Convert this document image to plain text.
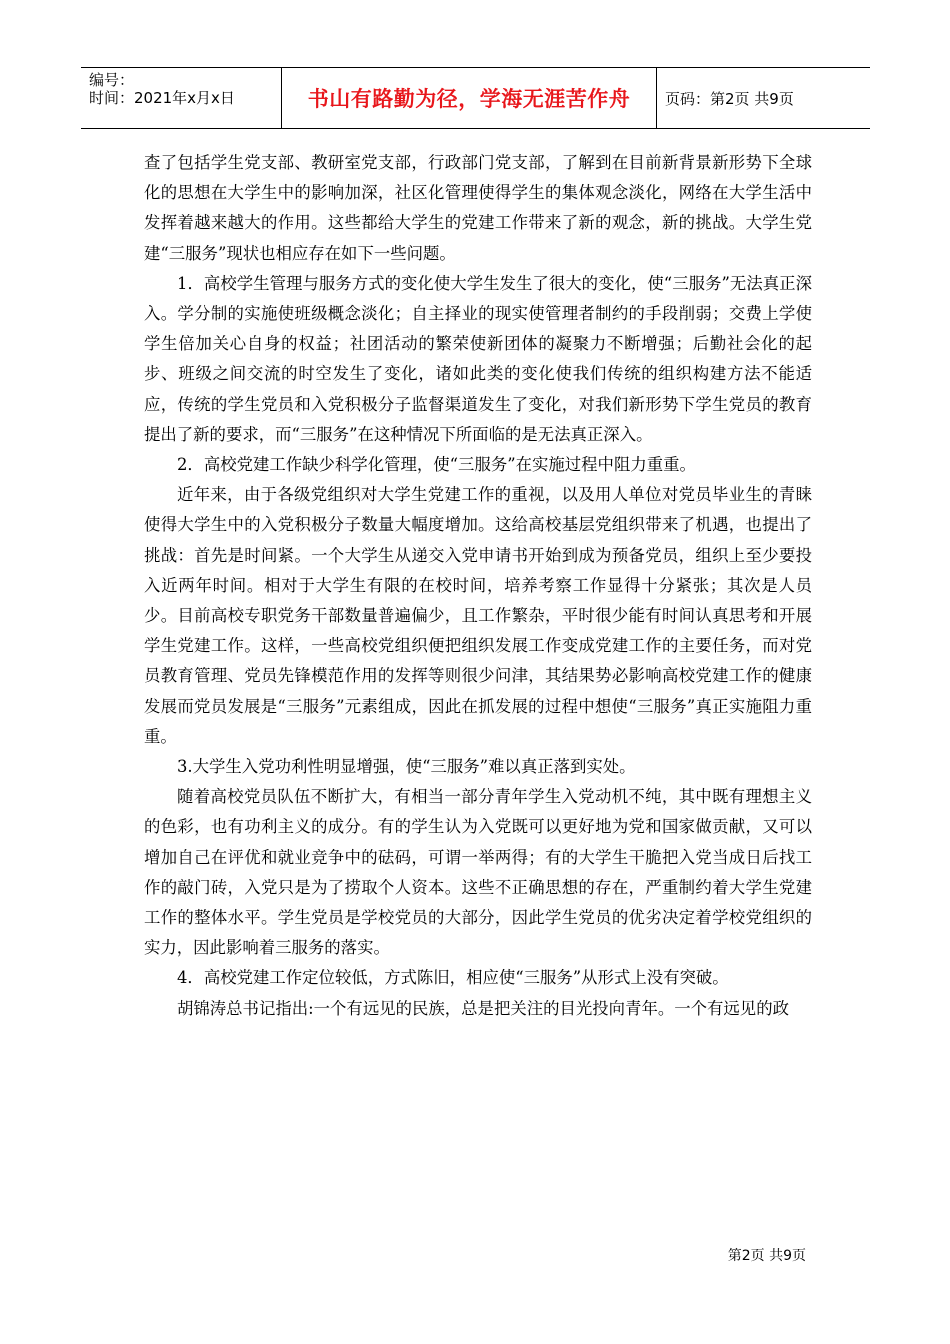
编号：
时间：2021年x月x日	书山有路勤为径，学海无涯苦作舟	页码：第2页 共9页

查了包括学生党支部、教研室党支部，行政部门党支部，了解到在目前新背景新形势下全球化的思想在大学生中的影响加深，社区化管理使得学生的集体观念淡化，网络在大学生活中发挥着越来越大的作用。这些都给大学生的党建工作带来了新的观念，新的挑战。大学生党建“三服务”现状也相应存在如下一些问题。

1．高校学生管理与服务方式的变化使大学生发生了很大的变化，使“三服务”无法真正深入。学分制的实施使班级概念淡化；自主择业的现实使管理者制约的手段削弱；交费上学使学生倍加关心自身的权益；社团活动的繁荣使新团体的凝聚力不断增强；后勤社会化的起步、班级之间交流的时空发生了变化，诸如此类的变化使我们传统的组织构建方法不能适应，传统的学生党员和入党积极分子监督渠道发生了变化，对我们新形势下学生党员的教育提出了新的要求，而“三服务”在这种情况下所面临的是无法真正深入。

2．高校党建工作缺少科学化管理，使“三服务”在实施过程中阻力重重。

近年来，由于各级党组织对大学生党建工作的重视，以及用人单位对党员毕业生的青睐使得大学生中的入党积极分子数量大幅度增加。这给高校基层党组织带来了机遇，也提出了挑战：首先是时间紧。一个大学生从递交入党申请书开始到成为预备党员，组织上至少要投入近两年时间。相对于大学生有限的在校时间，培养考察工作显得十分紧张；其次是人员少。目前高校专职党务干部数量普遍偏少，且工作繁杂，平时很少能有时间认真思考和开展学生党建工作。这样，一些高校党组织便把组织发展工作变成党建工作的主要任务，而对党员教育管理、党员先锋模范作用的发挥等则很少问津，其结果势必影响高校党建工作的健康发展而党员发展是“三服务”元素组成，因此在抓发展的过程中想使“三服务”真正实施阻力重重。

3.大学生入党功利性明显增强，使“三服务”难以真正落到实处。

随着高校党员队伍不断扩大，有相当一部分青年学生入党动机不纯，其中既有理想主义的色彩，也有功利主义的成分。有的学生认为入党既可以更好地为党和国家做贡献，又可以增加自己在评优和就业竞争中的砝码，可谓一举两得；有的大学生干脆把入党当成日后找工作的敲门砖，入党只是为了捞取个人资本。这些不正确思想的存在，严重制约着大学生党建工作的整体水平。学生党员是学校党员的大部分，因此学生党员的优劣决定着学校党组织的实力，因此影响着三服务的落实。

4．高校党建工作定位较低，方式陈旧，相应使“三服务”从形式上没有突破。

胡锦涛总书记指出:一个有远见的民族，总是把关注的目光投向青年。一个有远见的政

第2页 共9页
